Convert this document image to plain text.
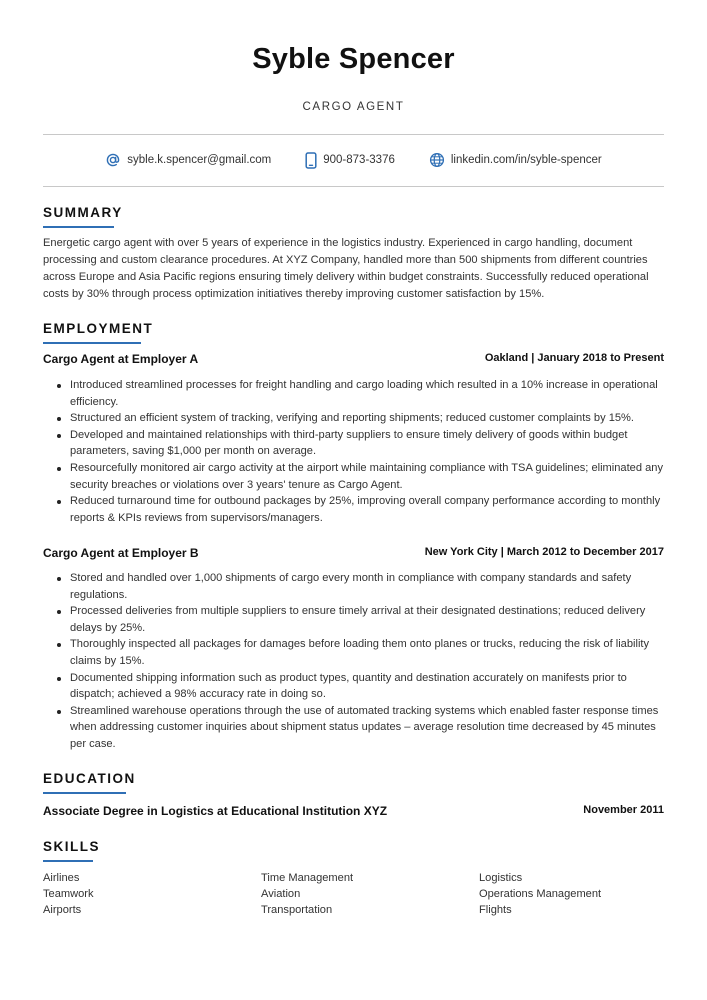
Syble Spencer
CARGO AGENT
syble.k.spencer@gmail.com	900-873-3376	linkedin.com/in/syble-spencer
SUMMARY
Energetic cargo agent with over 5 years of experience in the logistics industry. Experienced in cargo handling, document processing and custom clearance procedures. At XYZ Company, handled more than 500 shipments from different countries across Europe and Asia Pacific regions ensuring timely delivery within budget constraints. Successfully reduced operational costs by 30% through process optimization initiatives thereby improving customer satisfaction by 15%.
EMPLOYMENT
Cargo Agent at Employer A	Oakland | January 2018 to Present
Introduced streamlined processes for freight handling and cargo loading which resulted in a 10% increase in operational efficiency.
Structured an efficient system of tracking, verifying and reporting shipments; reduced customer complaints by 15%.
Developed and maintained relationships with third-party suppliers to ensure timely delivery of goods within budget parameters, saving $1,000 per month on average.
Resourcefully monitored air cargo activity at the airport while maintaining compliance with TSA guidelines; eliminated any security breaches or violations over 3 years' tenure as Cargo Agent.
Reduced turnaround time for outbound packages by 25%, improving overall company performance according to monthly reports & KPIs reviews from supervisors/managers.
Cargo Agent at Employer B	New York City | March 2012 to December 2017
Stored and handled over 1,000 shipments of cargo every month in compliance with company standards and safety regulations.
Processed deliveries from multiple suppliers to ensure timely arrival at their designated destinations; reduced delivery delays by 25%.
Thoroughly inspected all packages for damages before loading them onto planes or trucks, reducing the risk of liability claims by 15%.
Documented shipping information such as product types, quantity and destination accurately on manifests prior to dispatch; achieved a 98% accuracy rate in doing so.
Streamlined warehouse operations through the use of automated tracking systems which enabled faster response times when addressing customer inquiries about shipment status updates – average resolution time decreased by 45 minutes per case.
EDUCATION
Associate Degree in Logistics at Educational Institution XYZ	November 2011
SKILLS
Airlines	Time Management	Logistics
Teamwork	Aviation	Operations Management
Airports	Transportation	Flights
